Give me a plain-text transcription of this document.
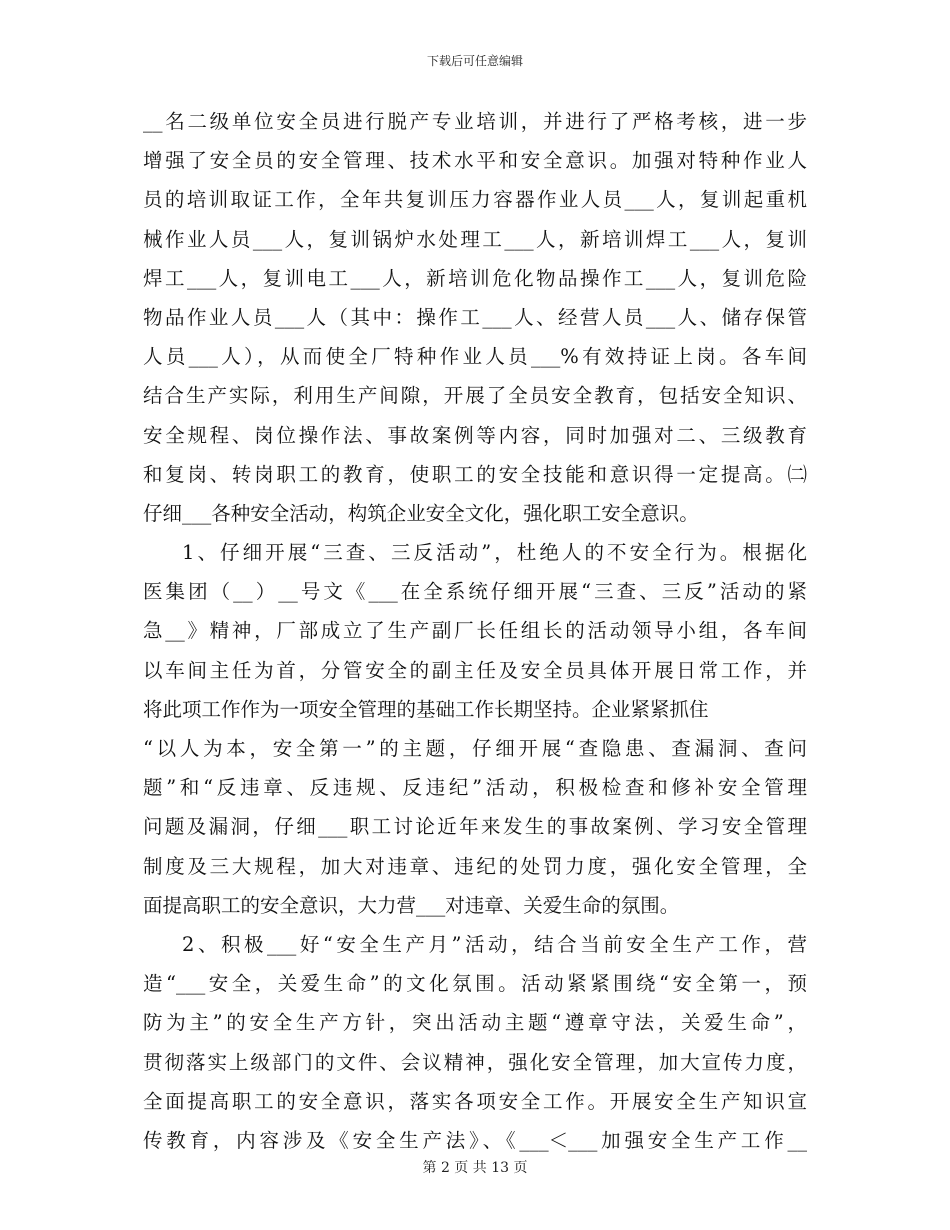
下载后可任意编辑
__名二级单位安全员进行脱产专业培训，并进行了严格考核，进一步
增强了安全员的安全管理、技术水平和安全意识。加强对特种作业人
员的培训取证工作，全年共复训压力容器作业人员___人，复训起重机
械作业人员___人，复训锅炉水处理工___人，新培训焊工___人，复训
焊工___人，复训电工___人，新培训危化物品操作工___人，复训危险
物品作业人员___人（其中：操作工___人、经营人员___人、储存保管
人员___人），从而使全厂特种作业人员___%有效持证上岗。各车间
结合生产实际，利用生产间隙，开展了全员安全教育，包括安全知识、
安全规程、岗位操作法、事故案例等内容，同时加强对二、三级教育
和复岗、转岗职工的教育，使职工的安全技能和意识得一定提高。㈡
仔细___各种安全活动，构筑企业安全文化，强化职工安全意识。
1、仔细开展“三查、三反活动”，杜绝人的不安全行为。根据化
医集团（__）__号文《___在全系统仔细开展“三查、三反”活动的紧
急__》精神，厂部成立了生产副厂长任组长的活动领导小组，各车间
以车间主任为首，分管安全的副主任及安全员具体开展日常工作，并
将此项工作作为一项安全管理的基础工作长期坚持。企业紧紧抓住
“以人为本，安全第一”的主题，仔细开展“查隐患、查漏洞、查问
题”和“反违章、反违规、反违纪”活动，积极检查和修补安全管理
问题及漏洞，仔细___职工讨论近年来发生的事故案例、学习安全管理
制度及三大规程，加大对违章、违纪的处罚力度，强化安全管理，全
面提高职工的安全意识，大力营___对违章、关爱生命的氛围。
2、积极___好“安全生产月”活动，结合当前安全生产工作，营
造“___安全，关爱生命”的文化氛围。活动紧紧围绕“安全第一，预
防为主”的安全生产方针，突出活动主题“遵章守法，关爱生命”，
贯彻落实上级部门的文件、会议精神，强化安全管理，加大宣传力度，
全面提高职工的安全意识，落实各项安全工作。开展安全生产知识宣
传教育，内容涉及《安全生产法》、《___＜___加强安全生产工作__
第 2 页 共 13 页
